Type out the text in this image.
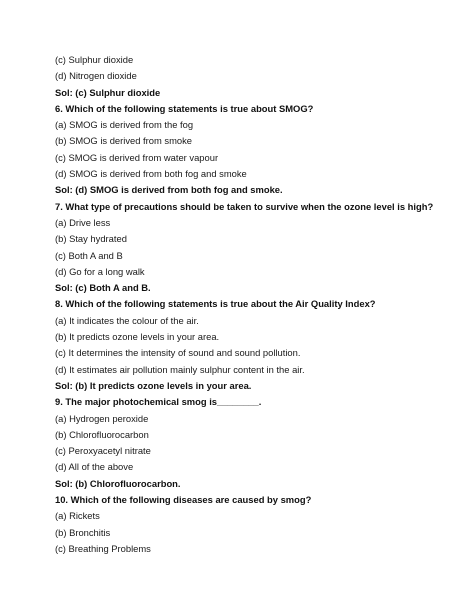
(c) Sulphur dioxide
(d) Nitrogen dioxide
Sol: (c) Sulphur dioxide
6. Which of the following statements is true about SMOG?
(a) SMOG is derived from the fog
(b) SMOG is derived from smoke
(c) SMOG is derived from water vapour
(d) SMOG is derived from both fog and smoke
Sol: (d) SMOG is derived from both fog and smoke.
7. What type of precautions should be taken to survive when the ozone level is high?
(a) Drive less
(b) Stay hydrated
(c) Both A and B
(d) Go for a long walk
Sol: (c) Both A and B.
8. Which of the following statements is true about the Air Quality Index?
(a) It indicates the colour of the air.
(b) It predicts ozone levels in your area.
(c) It determines the intensity of sound and sound pollution.
(d) It estimates air pollution mainly sulphur content in the air.
Sol: (b) It predicts ozone levels in your area.
9. The major photochemical smog is________.
(a) Hydrogen peroxide
(b) Chlorofluorocarbon
(c) Peroxyacetyl nitrate
(d) All of the above
Sol: (b) Chlorofluorocarbon.
10. Which of the following diseases are caused by smog?
(a) Rickets
(b) Bronchitis
(c) Breathing Problems
